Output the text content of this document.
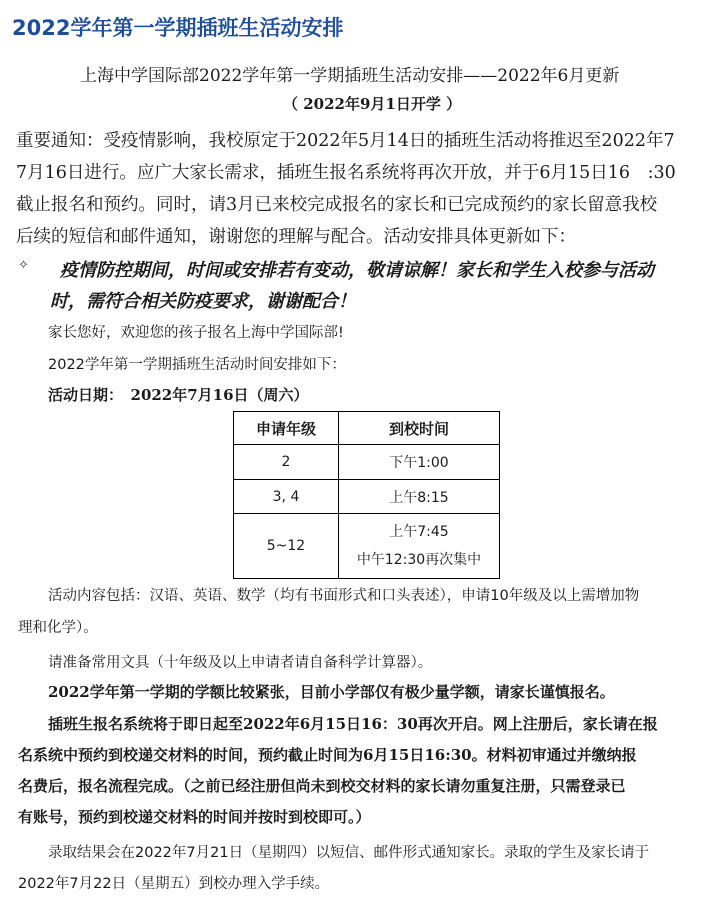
2022学年第一学期插班生活动安排
上海中学国际部2022学年第一学期插班生活动安排——2022年6月更新
（ 2022年9月1日开学 ）
重要通知：受疫情影响，我校原定于2022年5月14日的插班生活动将推迟至2022年7
7月16日进行。应广大家长需求，插班生报名系统将再次开放，并于6月15日16　:30
截止报名和预约。同时，请3月已来校完成报名的家长和已完成预约的家长留意我校
后续的短信和邮件通知，谢谢您的理解与配合。活动安排具体更新如下：
✧ 疫情防控期间，时间或安排若有变动，敬请谅解！家长和学生入校参与活动
时，需符合相关防疫要求，谢谢配合！
家长您好，欢迎您的孩子报名上海中学国际部!
2022学年第一学期插班生活动时间安排如下：
活动日期：　2022年7月16日（周六）
申请年级	到校时间
2	下午1:00
3, 4	上午8:15
5~12	上午7:45
中午12:30再次集中
活动内容包括：汉语、英语、数学（均有书面形式和口头表述），申请10年级及以上需增加物
理和化学）。
请准备常用文具（十年级及以上申请者请自备科学计算器）。
2022学年第一学期的学额比较紧张，目前小学部仅有极少量学额，请家长谨慎报名。
插班生报名系统将于即日起至2022年6月15日16：30再次开启。网上注册后，家长请在报
名系统中预约到校递交材料的时间，预约截止时间为6月15日16:30。材料初审通过并缴纳报
名费后，报名流程完成。（之前已经注册但尚未到校交材料的家长请勿重复注册，只需登录已
有账号，预约到校递交材料的时间并按时到校即可。）
录取结果会在2022年7月21日（星期四）以短信、邮件形式通知家长。录取的学生及家长请于
2022年7月22日（星期五）到校办理入学手续。
